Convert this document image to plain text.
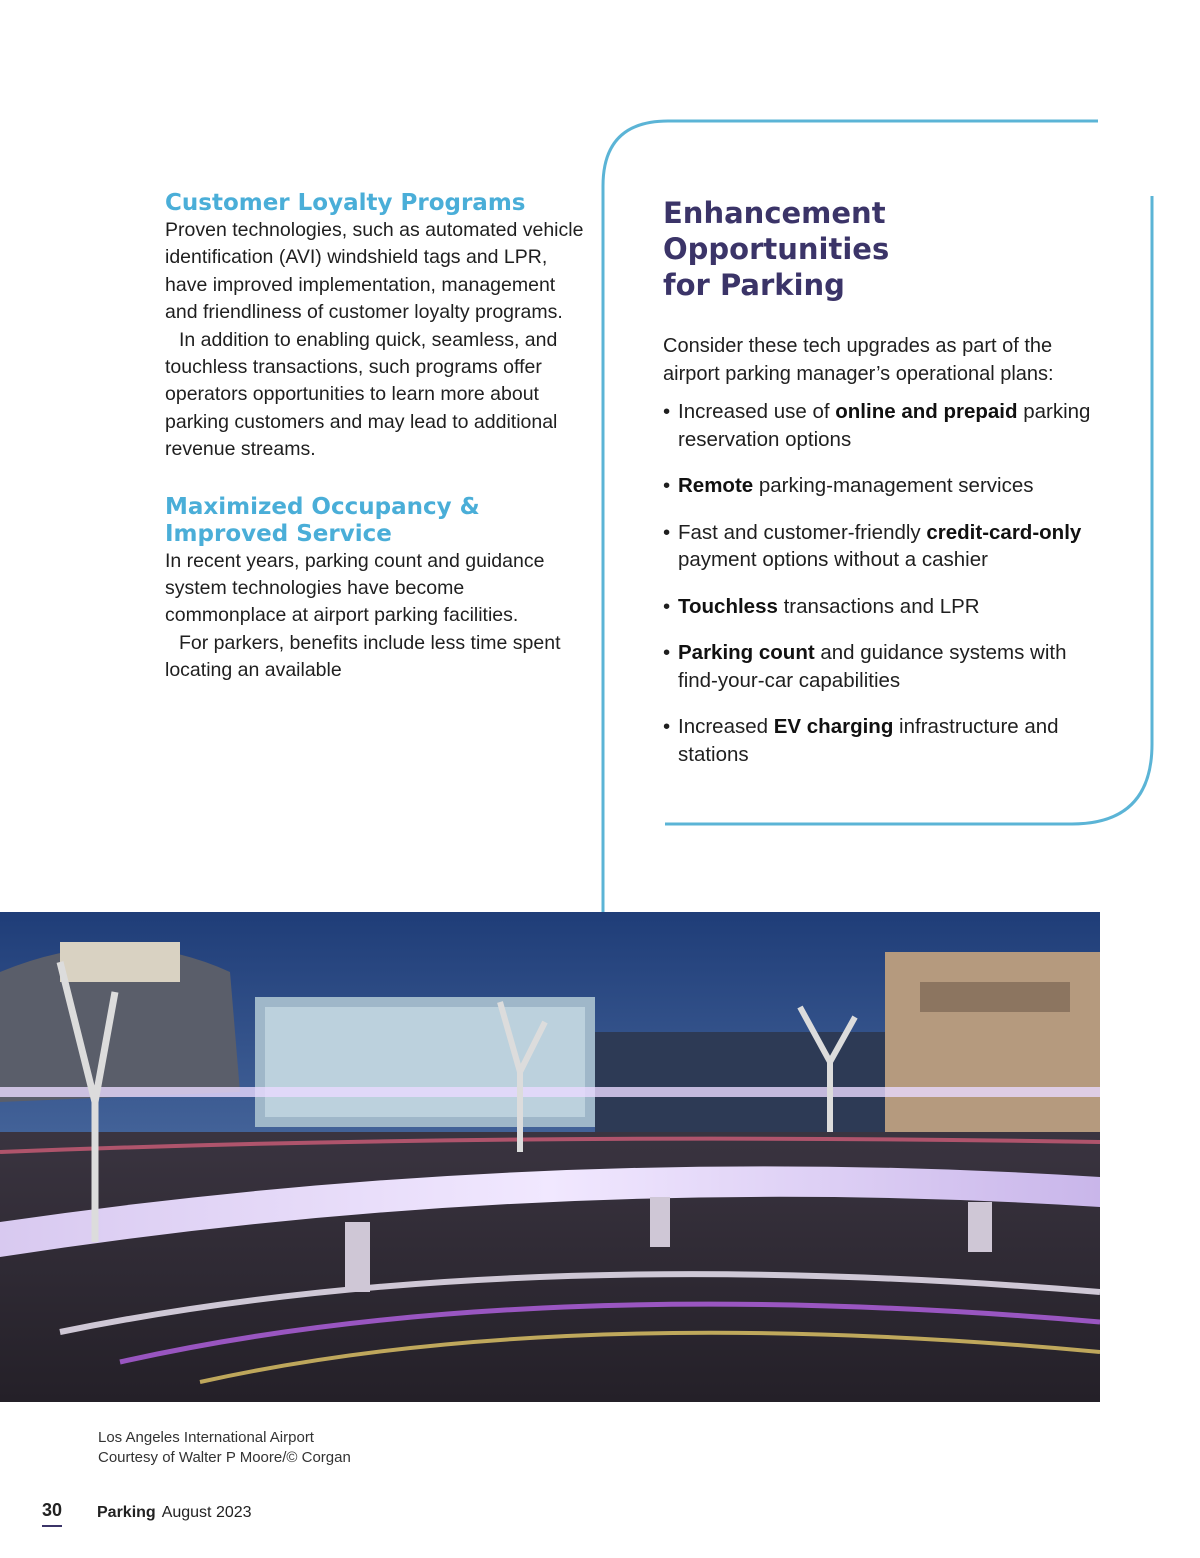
Customer Loyalty Programs

Proven technologies, such as automated vehicle identification (AVI) windshield tags and LPR, have improved implementation, management and friendliness of customer loyalty programs.

In addition to enabling quick, seamless, and touchless transactions, such programs offer operators opportunities to learn more about parking customers and may lead to additional revenue streams.

Maximized Occupancy &
Improved Service

In recent years, parking count and guidance system technologies have become commonplace at airport parking facilities.

For parkers, benefits include less time spent locating an available

Enhancement Opportunities
for Parking

Consider these tech upgrades as part of the airport parking manager’s operational plans:

• Increased use of online and prepaid parking reservation options
• Remote parking-management services
• Fast and customer-friendly credit-card-only payment options without a cashier
• Touchless transactions and LPR
• Parking count and guidance systems with find-your-car capabilities
• Increased EV charging infrastructure and stations
Los Angeles International Airport
Courtesy of Walter P Moore/© Corgan
30 Parking August 2023
